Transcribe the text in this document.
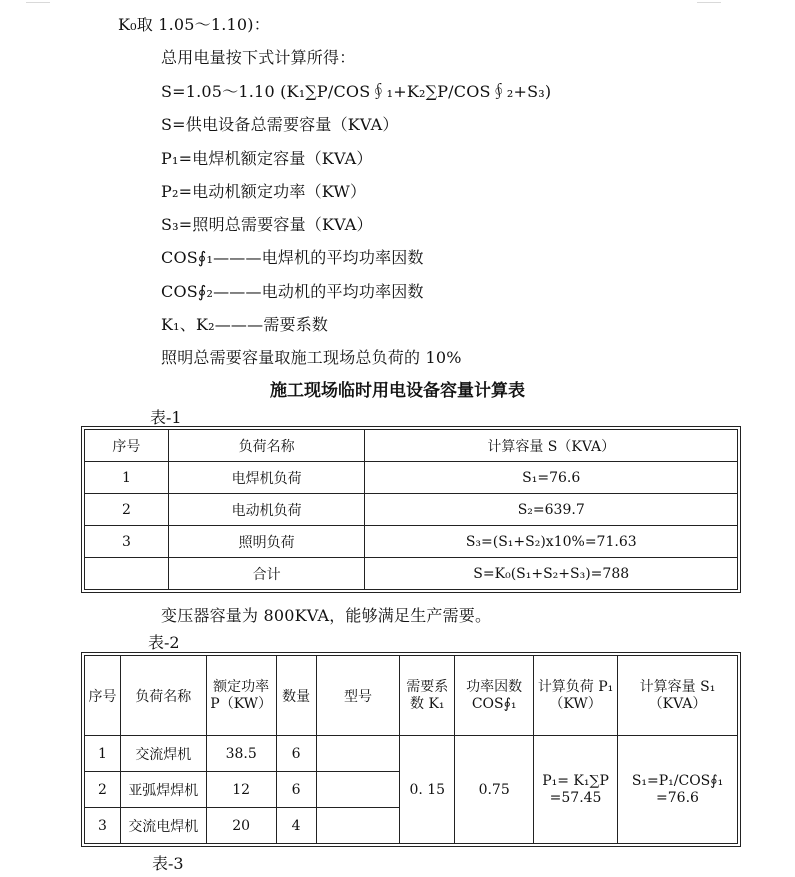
K₀取 1.05～1.10)：
总用电量按下式计算所得：
S=1.05～1.10 (K₁∑P/COS∮₁+K₂∑P/COS∮₂+S₃)
S=供电设备总需要容量（KVA）
P₁=电焊机额定容量（KVA）
P₂=电动机额定功率（KW）
S₃=照明总需要容量（KVA）
COS∮₁———电焊机的平均功率因数
COS∮₂———电动机的平均功率因数
K₁、K₂———需要系数
照明总需要容量取施工现场总负荷的 10%
施工现场临时用电设备容量计算表
表-1
序号	负荷名称	计算容量 S（KVA）
1	电焊机负荷	S₁=76.6
2	电动机负荷	S₂=639.7
3	照明负荷	S₃=(S₁+S₂)x10%=71.63
	合计	S=K₀(S₁+S₂+S₃)=788
变压器容量为 800KVA，能够满足生产需要。
表-2
序号	负荷名称	额定功率 P（KW）	数量	型号	需要系数 K₁	功率因数 COS∮₁	计算负荷 P₁（KW）	计算容量 S₁（KVA）
1	交流焊机	38.5	6		0. 15	0.75	P₁= K₁∑P =57.45	S₁=P₁/COS∮₁ =76.6
2	亚弧焊焊机	12	6					
3	交流电焊机	20	4					
表-3
